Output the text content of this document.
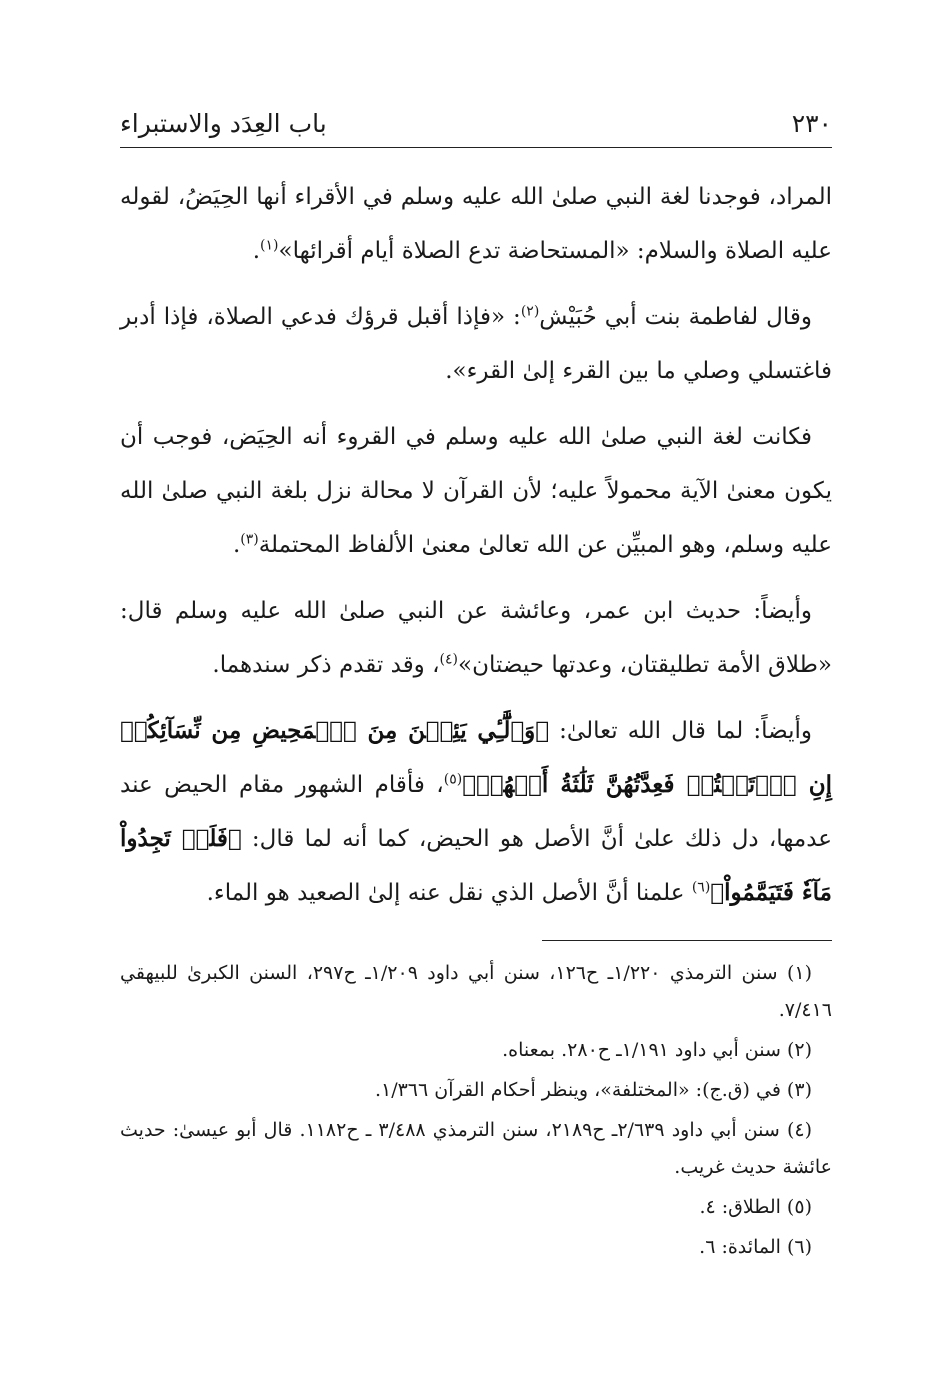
٢٣٠
باب العِدَد والاستبراء

المراد، فوجدنا لغة النبي صلىٰ الله عليه وسلم في الأقراء أنها الحِيَضُ، لقوله عليه الصلاة والسلام: «المستحاضة تدع الصلاة أيام أقرائها»$^{(١)}$.

وقال لفاطمة بنت أبي حُبَيْش$^{(٢)}$: «فإذا أقبل قرؤك فدعي الصلاة، فإذا أدبر فاغتسلي وصلي ما بين القرء إلىٰ القرء».

فكانت لغة النبي صلىٰ الله عليه وسلم في القروء أنه الحِيَض، فوجب أن يكون معنىٰ الآية محمولاً عليه؛ لأن القرآن لا محالة نزل بلغة النبي صلىٰ الله عليه وسلم، وهو المبيِّن عن الله تعالىٰ معنىٰ الألفاظ المحتملة$^{(٣)}$.

وأيضاً: حديث ابن عمر، وعائشة عن النبي صلىٰ الله عليه وسلم قال: «طلاق الأمة تطليقتان، وعدتها حيضتان»$^{(٤)}$، وقد تقدم ذكر سندهما.

وأيضاً: لما قال الله تعالىٰ: ﴿وَٱلَّٰٓـِٔي يَئِسۡنَ مِنَ ٱلۡمَحِيضِ مِن نِّسَآئِكُمۡ إِنِ ٱرۡتَبۡتُمۡ فَعِدَّتُهُنَّ ثَلَٰثَةُ أَشۡهُرٖ﴾$^{(٥)}$، فأقام الشهور مقام الحيض عند عدمها، دل ذلك علىٰ أنَّ الأصل هو الحيض، كما أنه لما قال: ﴿فَلَمۡ تَجِدُواْ مَآءٗ فَتَيَمَّمُواْ﴾$^{(٦)}$ علمنا أنَّ الأصل الذي نقل عنه إلىٰ الصعيد هو الماء.

(١) سنن الترمذي ١/٢٢٠ـ ح١٢٦، سنن أبي داود ١/٢٠٩ـ ح٢٩٧، السنن الكبرىٰ للبيهقي ٧/٤١٦.

(٢) سنن أبي داود ١/١٩١ـ ح٢٨٠. بمعناه.

(٣) في (ق.ج): «المختلفة»، وينظر أحكام القرآن ١/٣٦٦.

(٤) سنن أبي داود ٢/٦٣٩ـ ح٢١٨٩، سنن الترمذي ٣/٤٨٨ ـ ح١١٨٢. قال أبو عيسىٰ: حديث عائشة حديث غريب.

(٥) الطلاق: ٤.

(٦) المائدة: ٦.
